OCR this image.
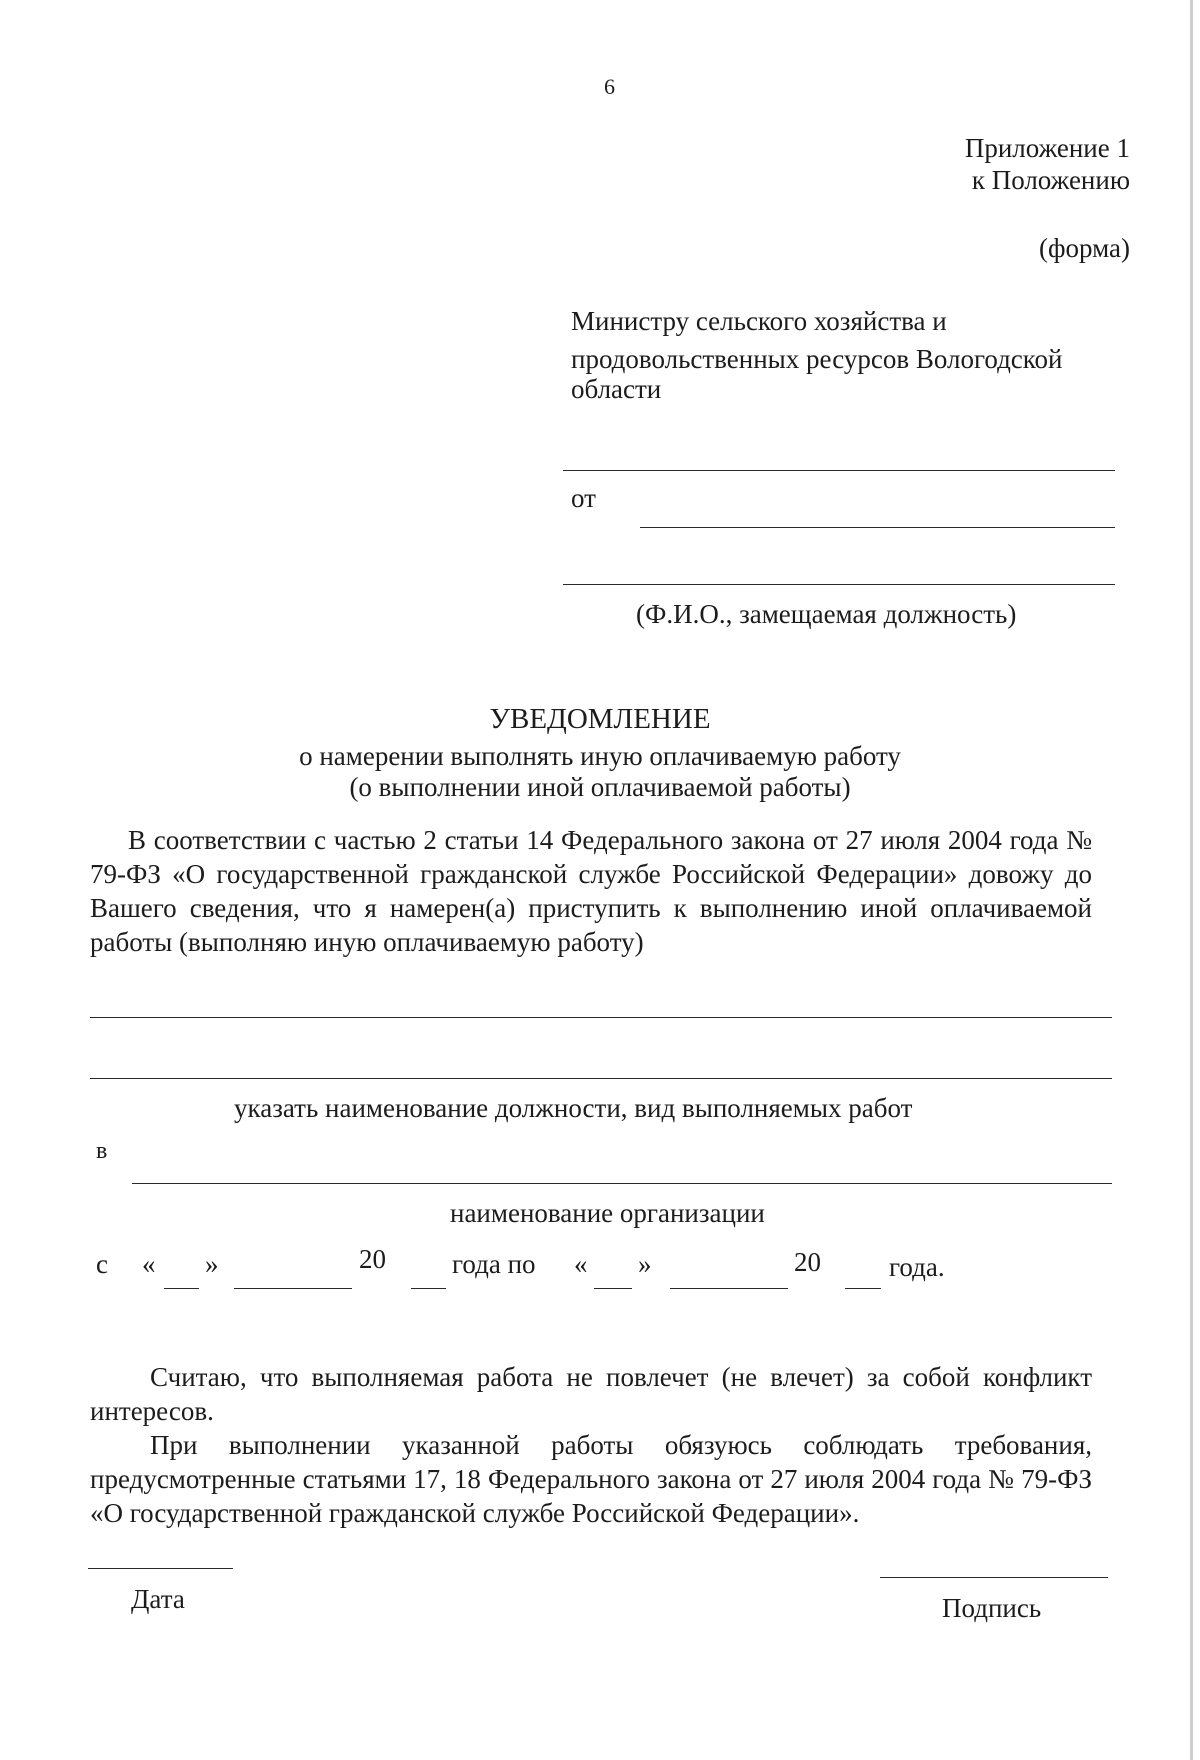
6
Приложение 1
к Положению
(форма)
Министру сельского хозяйства и
продовольственных ресурсов Вологодской
области
от
(Ф.И.О., замещаемая должность)
УВЕДОМЛЕНИЕ
о намерении выполнять иную оплачиваемую работу
(о выполнении иной оплачиваемой работы)
В соответствии с частью 2 статьи 14 Федерального закона от 27 июля 2004 года № 79-ФЗ «О государственной гражданской службе Российской Федерации» довожу до Вашего сведения, что я намерен(а) приступить к выполнению иной оплачиваемой работы (выполняю иную оплачиваемую работу)
указать наименование должности, вид выполняемых работ
в
наименование организации
с « »	20 года по « »	20	года.
Считаю, что выполняемая работа не повлечет (не влечет) за собой конфликт интересов.
При выполнении указанной работы обязуюсь соблюдать требования, предусмотренные статьями 17, 18 Федерального закона от 27 июля 2004 года № 79-ФЗ «О государственной гражданской службе Российской Федерации».
Дата	Подпись
